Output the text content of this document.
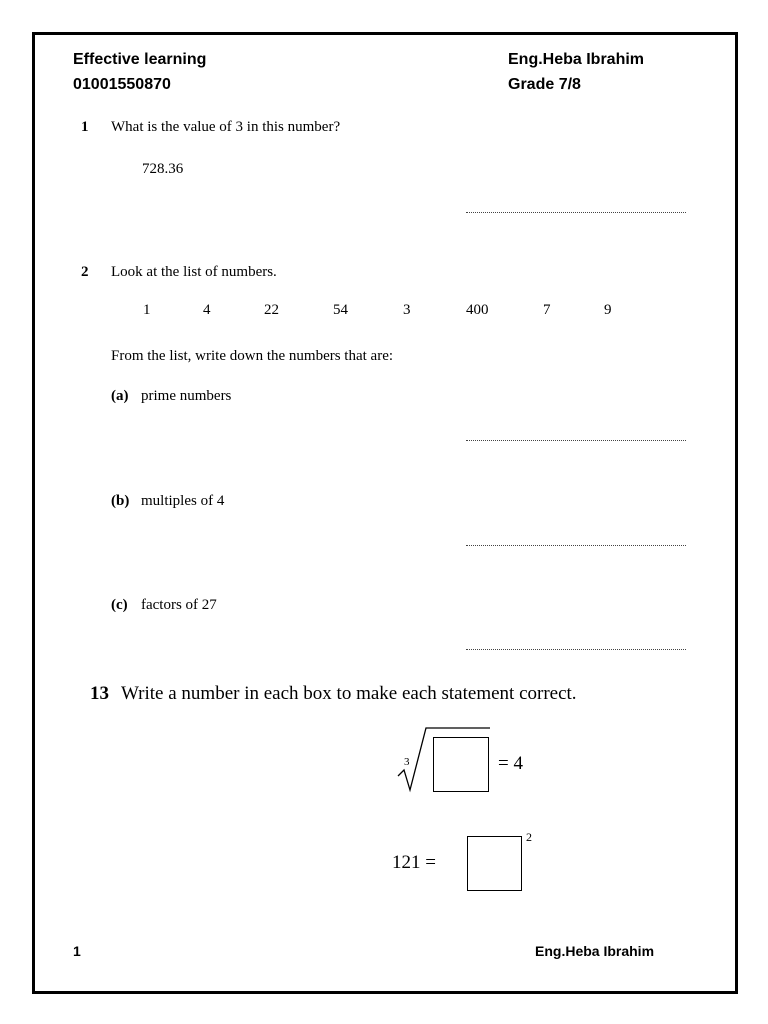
Effective learning
01001550870
Eng.Heba Ibrahim
Grade 7/8
1 What is the value of 3 in this number?
728.36
2 Look at the list of numbers.
1	4	22	54	3	400	7	9
From the list, write down the numbers that are:
(a) prime numbers
(b) multiples of 4
(c) factors of 27
13 Write a number in each box to make each statement correct.
3	= 4
121 =
2
1	Eng.Heba Ibrahim
